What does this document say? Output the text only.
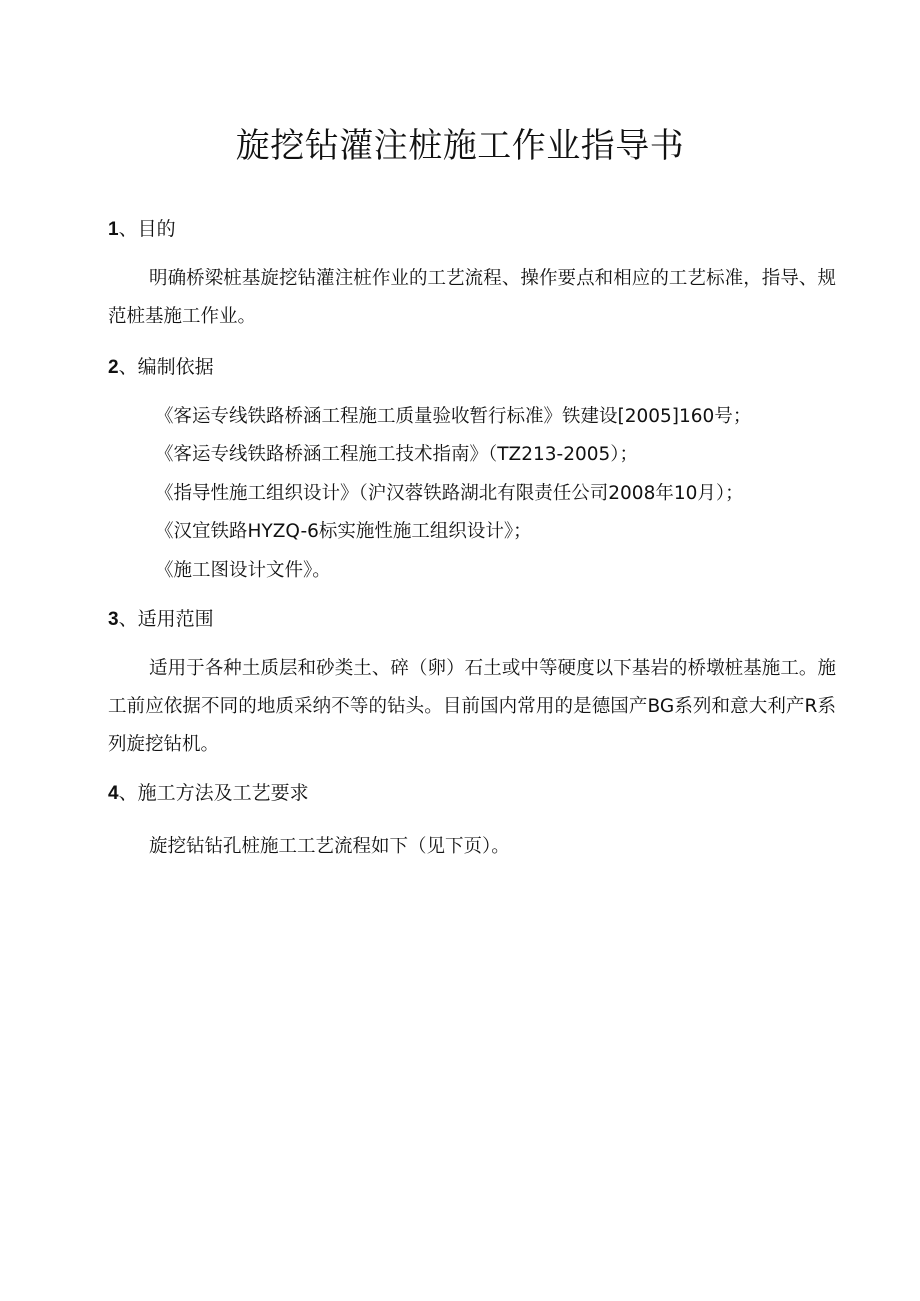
旋挖钻灌注桩施工作业指导书
1、目的
明确桥梁桩基旋挖钻灌注桩作业的工艺流程、操作要点和相应的工艺标准，指导、规范桩基施工作业。
2、编制依据
《客运专线铁路桥涵工程施工质量验收暂行标准》铁建设[2005]160号；
《客运专线铁路桥涵工程施工技术指南》（TZ213-2005）；
《指导性施工组织设计》（沪汉蓉铁路湖北有限责任公司2008年10月）；
《汉宜铁路HYZQ-6标实施性施工组织设计》；
《施工图设计文件》。
3、适用范围
适用于各种土质层和砂类土、碎（卵）石土或中等硬度以下基岩的桥墩桩基施工。施工前应依据不同的地质采纳不等的钻头。目前国内常用的是德国产BG系列和意大利产R系列旋挖钻机。
4、施工方法及工艺要求
旋挖钻钻孔桩施工工艺流程如下（见下页）。
